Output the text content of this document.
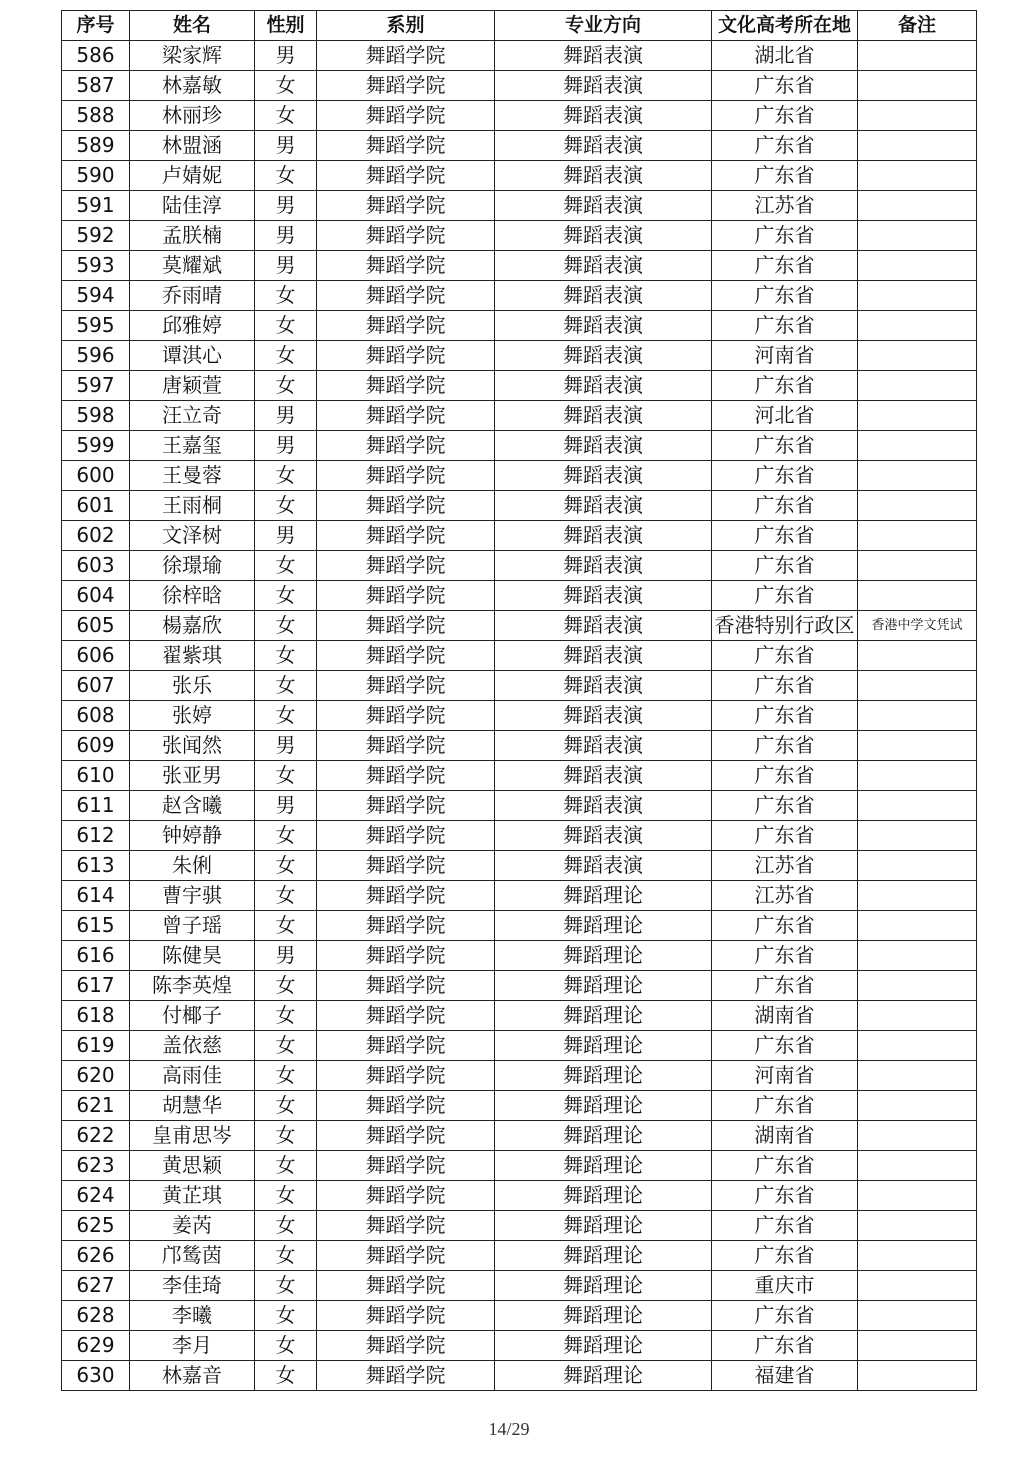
序号	姓名	性别	系别	专业方向	文化高考所在地	备注
586	梁家辉	男	舞蹈学院	舞蹈表演	湖北省	
587	林嘉敏	女	舞蹈学院	舞蹈表演	广东省	
588	林丽珍	女	舞蹈学院	舞蹈表演	广东省	
589	林盟涵	男	舞蹈学院	舞蹈表演	广东省	
590	卢婧妮	女	舞蹈学院	舞蹈表演	广东省	
591	陆佳淳	男	舞蹈学院	舞蹈表演	江苏省	
592	孟朕楠	男	舞蹈学院	舞蹈表演	广东省	
593	莫耀斌	男	舞蹈学院	舞蹈表演	广东省	
594	乔雨晴	女	舞蹈学院	舞蹈表演	广东省	
595	邱雅婷	女	舞蹈学院	舞蹈表演	广东省	
596	谭淇心	女	舞蹈学院	舞蹈表演	河南省	
597	唐颖萱	女	舞蹈学院	舞蹈表演	广东省	
598	汪立奇	男	舞蹈学院	舞蹈表演	河北省	
599	王嘉玺	男	舞蹈学院	舞蹈表演	广东省	
600	王曼蓉	女	舞蹈学院	舞蹈表演	广东省	
601	王雨桐	女	舞蹈学院	舞蹈表演	广东省	
602	文泽树	男	舞蹈学院	舞蹈表演	广东省	
603	徐璟瑜	女	舞蹈学院	舞蹈表演	广东省	
604	徐梓晗	女	舞蹈学院	舞蹈表演	广东省	
605	楊嘉欣	女	舞蹈学院	舞蹈表演	香港特别行政区	香港中学文凭试
606	翟紫琪	女	舞蹈学院	舞蹈表演	广东省	
607	张乐	女	舞蹈学院	舞蹈表演	广东省	
608	张婷	女	舞蹈学院	舞蹈表演	广东省	
609	张闻然	男	舞蹈学院	舞蹈表演	广东省	
610	张亚男	女	舞蹈学院	舞蹈表演	广东省	
611	赵含曦	男	舞蹈学院	舞蹈表演	广东省	
612	钟婷静	女	舞蹈学院	舞蹈表演	广东省	
613	朱俐	女	舞蹈学院	舞蹈表演	江苏省	
614	曹宇骐	女	舞蹈学院	舞蹈理论	江苏省	
615	曾子瑶	女	舞蹈学院	舞蹈理论	广东省	
616	陈健昊	男	舞蹈学院	舞蹈理论	广东省	
617	陈李英煌	女	舞蹈学院	舞蹈理论	广东省	
618	付椰子	女	舞蹈学院	舞蹈理论	湖南省	
619	盖依慈	女	舞蹈学院	舞蹈理论	广东省	
620	高雨佳	女	舞蹈学院	舞蹈理论	河南省	
621	胡慧华	女	舞蹈学院	舞蹈理论	广东省	
622	皇甫思岑	女	舞蹈学院	舞蹈理论	湖南省	
623	黄思颖	女	舞蹈学院	舞蹈理论	广东省	
624	黄芷琪	女	舞蹈学院	舞蹈理论	广东省	
625	姜芮	女	舞蹈学院	舞蹈理论	广东省	
626	邝鸶茵	女	舞蹈学院	舞蹈理论	广东省	
627	李佳琦	女	舞蹈学院	舞蹈理论	重庆市	
628	李曦	女	舞蹈学院	舞蹈理论	广东省	
629	李月	女	舞蹈学院	舞蹈理论	广东省	
630	林嘉音	女	舞蹈学院	舞蹈理论	福建省	
14/29
